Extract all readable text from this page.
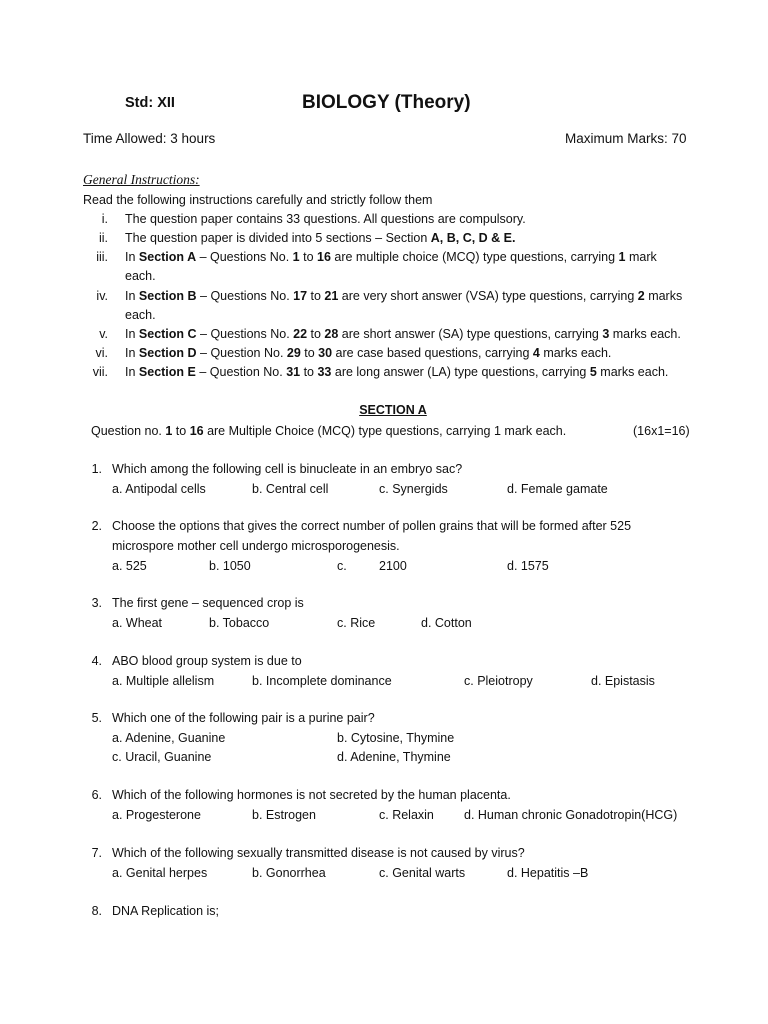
Std: XII	BIOLOGY (Theory)
Time Allowed: 3 hours	Maximum Marks: 70
General Instructions:
Read the following instructions carefully and strictly follow them
i. The question paper contains 33 questions. All questions are compulsory.
ii. The question paper is divided into 5 sections – Section A, B, C, D & E.
iii. In Section A – Questions No. 1 to 16 are multiple choice (MCQ) type questions, carrying 1 mark
each.
iv. In Section B – Questions No. 17 to 21 are very short answer (VSA) type questions, carrying 2 marks
each.
v. In Section C – Questions No. 22 to 28 are short answer (SA) type questions, carrying 3 marks each.
vi. In Section D – Question No. 29 to 30 are case based questions, carrying 4 marks each.
vii. In Section E – Question No. 31 to 33 are long answer (LA) type questions, carrying 5 marks each.
SECTION A
Question no. 1 to 16 are Multiple Choice (MCQ) type questions, carrying 1 mark each.	(16x1=16)
1. Which among the following cell is binucleate in an embryo sac?
a. Antipodal cells	b. Central cell	c. Synergids	d. Female gamate
2. Choose the options that gives the correct number of pollen grains that will be formed after 525
microspore mother cell undergo microsporogenesis.
a. 525	b. 1050	c.	2100	d. 1575
3. The first gene – sequenced crop is
a. Wheat	b. Tobacco	c. Rice	d. Cotton
4. ABO blood group system is due to
a. Multiple allelism	b. Incomplete dominance	c. Pleiotropy	d. Epistasis
5. Which one of the following pair is a purine pair?
a. Adenine, Guanine	b. Cytosine, Thymine
c. Uracil, Guanine	d. Adenine, Thymine
6. Which of the following hormones is not secreted by the human placenta.
a. Progesterone	b. Estrogen	c. Relaxin d. Human chronic Gonadotropin(HCG)
7. Which of the following sexually transmitted disease is not caused by virus?
a. Genital herpes	b. Gonorrhea	c. Genital warts	d. Hepatitis –B
8. DNA Replication is;
